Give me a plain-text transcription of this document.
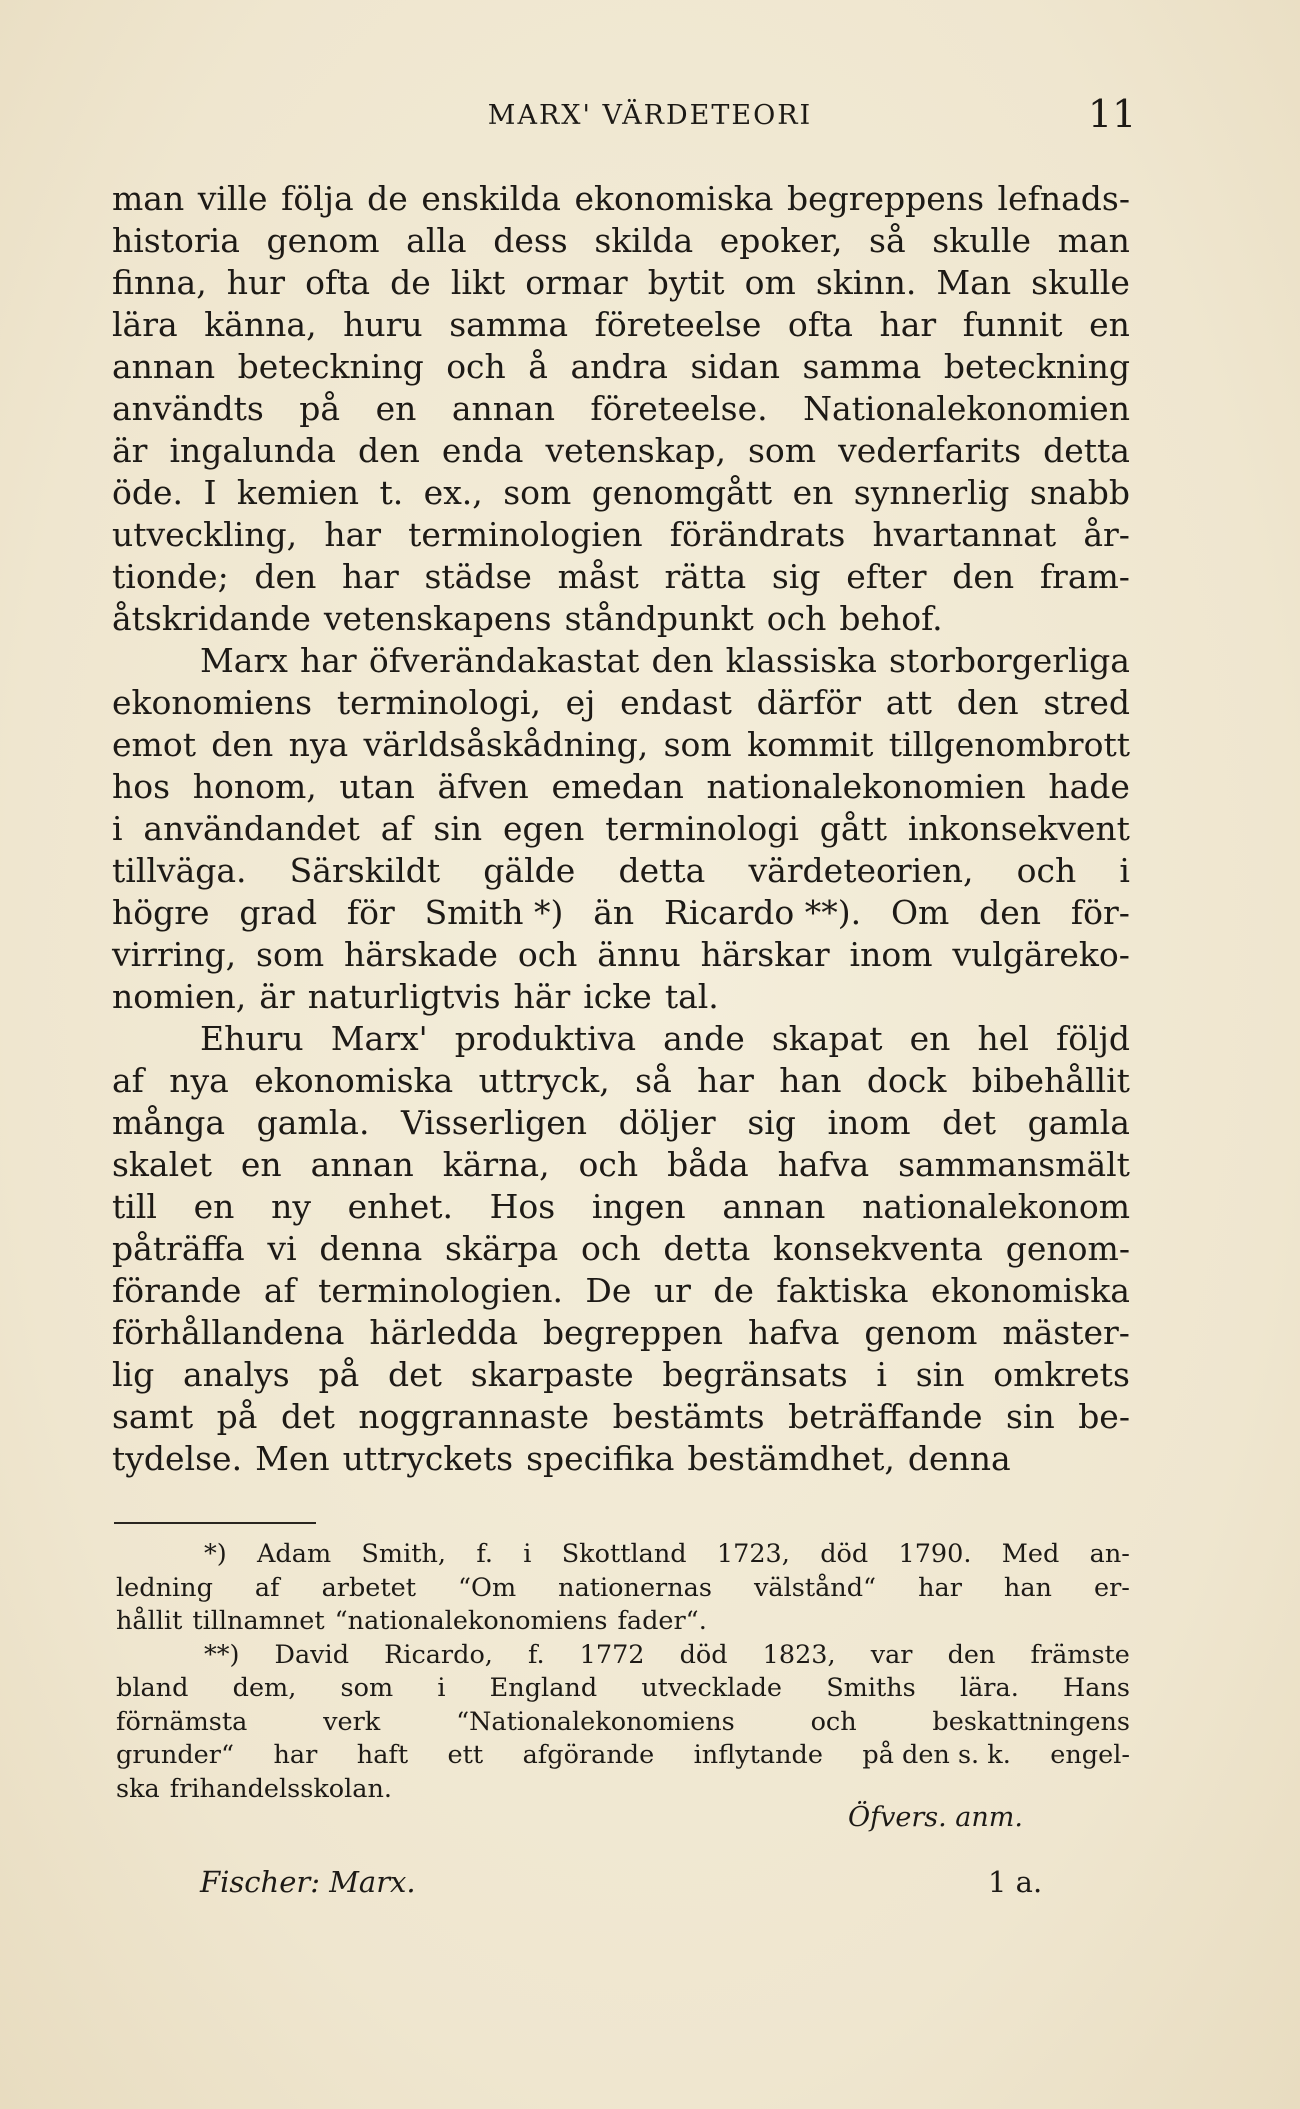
MARX' VÄRDETEORI	11
man ville följa de enskilda ekonomiska begreppens lefnads-
historia genom alla dess skilda epoker, så skulle man
finna, hur ofta de likt ormar bytit om skinn. Man skulle
lära känna, huru samma företeelse ofta har funnit en
annan beteckning och å andra sidan samma beteckning
användts på en annan företeelse. Nationalekonomien
är ingalunda den enda vetenskap, som vederfarits detta
öde. I kemien t. ex., som genomgått en synnerlig snabb
utveckling, har terminologien förändrats hvartannat år-
tionde; den har städse måst rätta sig efter den fram-
åtskridande vetenskapens ståndpunkt och behof.
Marx har öfverändakastat den klassiska storborgerliga
ekonomiens terminologi, ej endast därför att den stred
emot den nya världsåskådning, som kommit tillgenombrott
hos honom, utan äfven emedan nationalekonomien hade
i användandet af sin egen terminologi gått inkonsekvent
tillväga. Särskildt gälde detta värdeteorien, och i
högre grad för Smith *) än Ricardo **). Om den för-
virring, som härskade och ännu härskar inom vulgäreko-
nomien, är naturligtvis här icke tal.
Ehuru Marx' produktiva ande skapat en hel följd
af nya ekonomiska uttryck, så har han dock bibehållit
många gamla. Visserligen döljer sig inom det gamla
skalet en annan kärna, och båda hafva sammansmält
till en ny enhet. Hos ingen annan nationalekonom
påträffa vi denna skärpa och detta konsekventa genom-
förande af terminologien. De ur de faktiska ekonomiska
förhållandena härledda begreppen hafva genom mäster-
lig analys på det skarpaste begränsats i sin omkrets
samt på det noggrannaste bestämts beträffande sin be-
tydelse. Men uttryckets specifika bestämdhet, denna
*) Adam Smith, f. i Skottland 1723, död 1790. Med an-
ledning af arbetet “Om nationernas välstånd“ har han er-
hållit tillnamnet “nationalekonomiens fader“.
**) David Ricardo, f. 1772 död 1823, var den främste
bland dem, som i England utvecklade Smiths lära. Hans
förnämsta	verk	“Nationalekonomiens	och	beskattningens
grunder“ har haft ett afgörande inflytande på den s. k. engel-
ska frihandelsskolan.
Öfvers. anm.
Fischer: Marx.	1 a.
